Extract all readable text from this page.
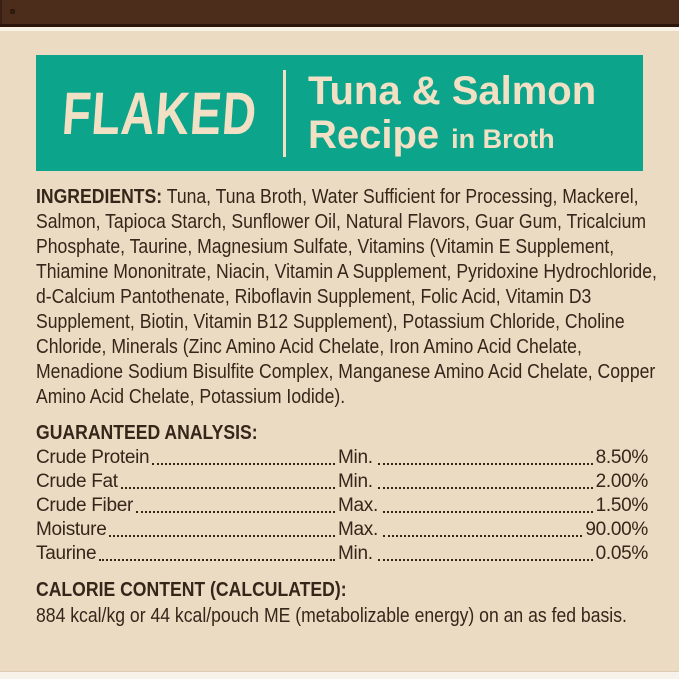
FLAKED Tuna & Salmon
Recipe in Broth
INGREDIENTS: Tuna, Tuna Broth, Water Sufficient for Processing, Mackerel,
Salmon, Tapioca Starch, Sunflower Oil, Natural Flavors, Guar Gum, Tricalcium
Phosphate, Taurine, Magnesium Sulfate, Vitamins (Vitamin E Supplement,
Thiamine Mononitrate, Niacin, Vitamin A Supplement, Pyridoxine Hydrochloride,
d-Calcium Pantothenate, Riboflavin Supplement, Folic Acid, Vitamin D3
Supplement, Biotin, Vitamin B12 Supplement), Potassium Chloride, Choline
Chloride, Minerals (Zinc Amino Acid Chelate, Iron Amino Acid Chelate,
Menadione Sodium Bisulfite Complex, Manganese Amino Acid Chelate, Copper
Amino Acid Chelate, Potassium Iodide).
GUARANTEED ANALYSIS:
Crude Protein	Min.	8.50%
Crude Fat	Min.	2.00%
Crude Fiber	Max.	1.50%
Moisture	Max.	90.00%
Taurine	Min.	0.05%
CALORIE CONTENT (CALCULATED):
884 kcal/kg or 44 kcal/pouch ME (metabolizable energy) on an as fed basis.
